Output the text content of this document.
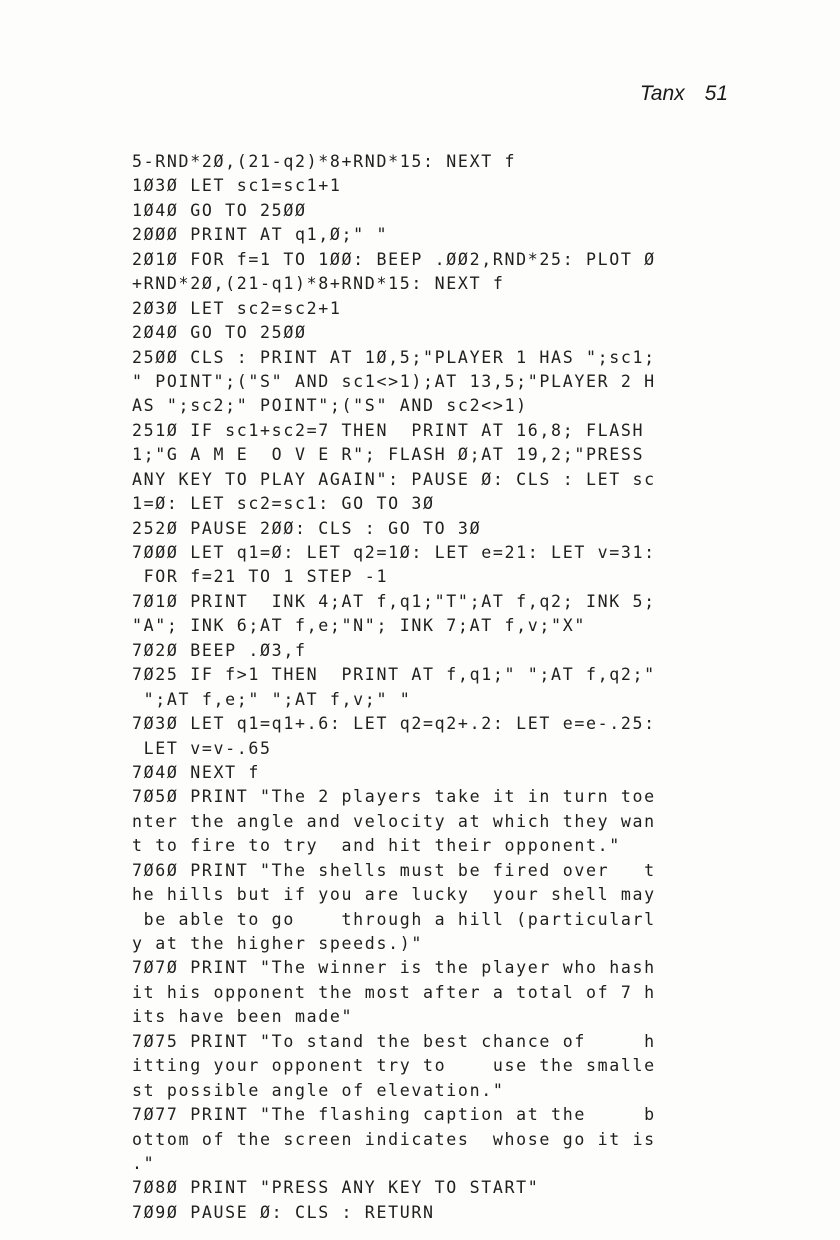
Tanx 51
5-RND*2Ø,(21-q2)*8+RND*15: NEXT f
1Ø3Ø LET sc1=sc1+1
1Ø4Ø GO TO 25ØØ
2ØØØ PRINT AT q1,Ø;" "
2Ø1Ø FOR f=1 TO 1ØØ: BEEP .ØØ2,RND*25: PLOT Ø
+RND*2Ø,(21-q1)*8+RND*15: NEXT f
2Ø3Ø LET sc2=sc2+1
2Ø4Ø GO TO 25ØØ
25ØØ CLS : PRINT AT 1Ø,5;"PLAYER 1 HAS ";sc1;
" POINT";("S" AND sc1<>1);AT 13,5;"PLAYER 2 H
AS ";sc2;" POINT";("S" AND sc2<>1)
251Ø IF sc1+sc2=7 THEN  PRINT AT 16,8; FLASH
1;"G A M E  O V E R"; FLASH Ø;AT 19,2;"PRESS
ANY KEY TO PLAY AGAIN": PAUSE Ø: CLS : LET sc
1=Ø: LET sc2=sc1: GO TO 3Ø
252Ø PAUSE 2ØØ: CLS : GO TO 3Ø
7ØØØ LET q1=Ø: LET q2=1Ø: LET e=21: LET v=31:
FOR f=21 TO 1 STEP -1
7Ø1Ø PRINT  INK 4;AT f,q1;"T";AT f,q2; INK 5;
"A"; INK 6;AT f,e;"N"; INK 7;AT f,v;"X"
7Ø2Ø BEEP .Ø3,f
7Ø25 IF f>1 THEN  PRINT AT f,q1;" ";AT f,q2;"
";AT f,e;" ";AT f,v;" "
7Ø3Ø LET q1=q1+.6: LET q2=q2+.2: LET e=e-.25:
LET v=v-.65
7Ø4Ø NEXT f
7Ø5Ø PRINT "The 2 players take it in turn toe
nter the angle and velocity at which they wan
t to fire to try  and hit their opponent."
7Ø6Ø PRINT "The shells must be fired over   t
he hills but if you are lucky  your shell may
be able to go    through a hill (particularl
y at the higher speeds.)"
7Ø7Ø PRINT "The winner is the player who hash
it his opponent the most after a total of 7 h
its have been made"
7Ø75 PRINT "To stand the best chance of     h
itting your opponent try to    use the smalle
st possible angle of elevation."
7Ø77 PRINT "The flashing caption at the     b
ottom of the screen indicates  whose go it is
."
7Ø8Ø PRINT "PRESS ANY KEY TO START"
7Ø9Ø PAUSE Ø: CLS : RETURN
